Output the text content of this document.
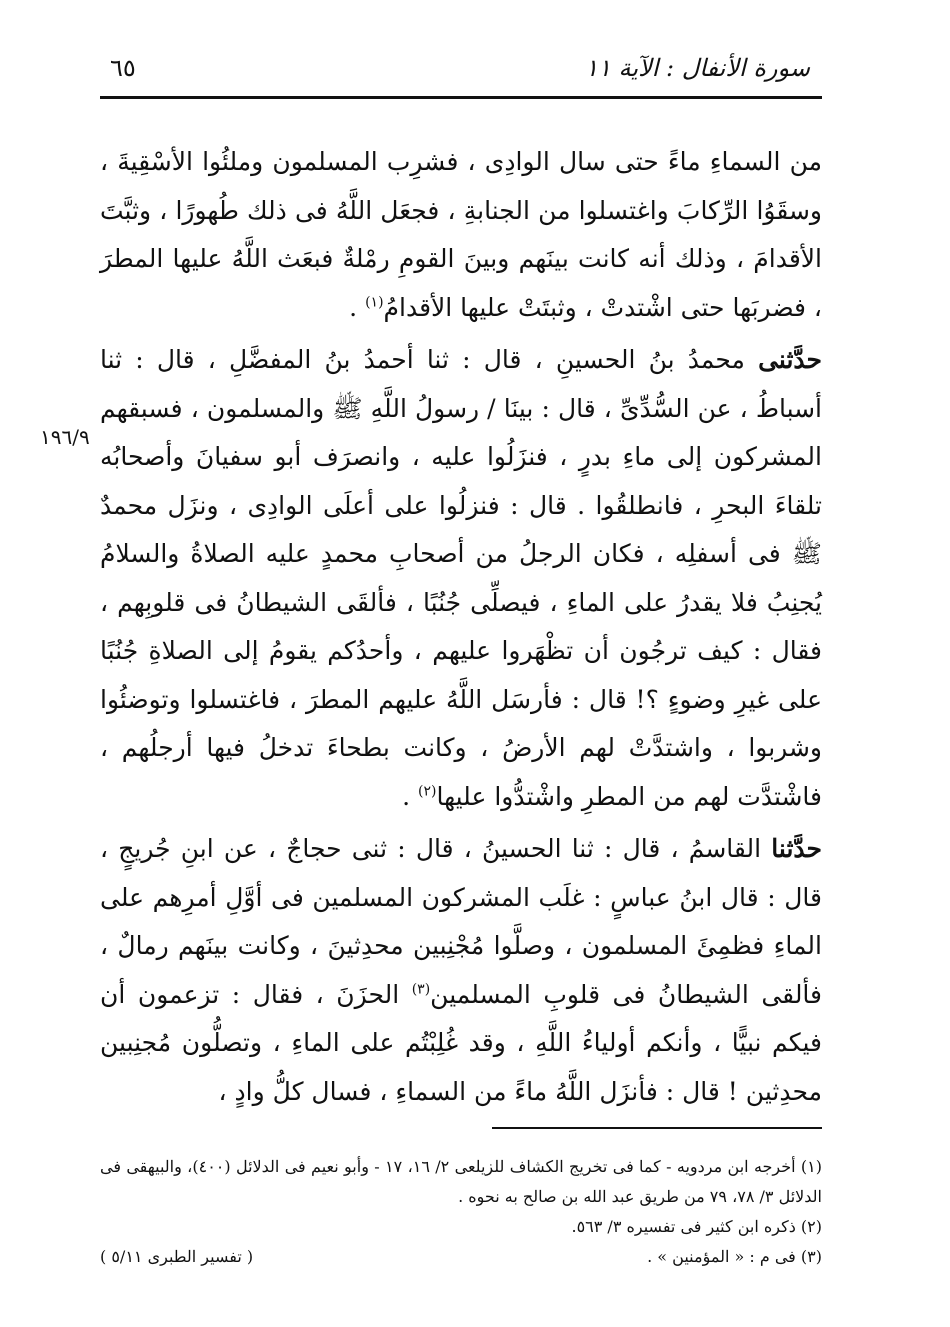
٦٥	سورة الأنفال : الآية ١١
١٩٦/٩

من السماءِ ماءً حتى سال الوادِى ، فشرِب المسلمون وملئُوا الأسْقِيةَ ، وسقَوُا الرِّكابَ واغتسلوا من الجنابةِ ، فجعَل اللَّهُ فى ذلك طُهورًا ، وثبَّتَ الأقدامَ ، وذلك أنه كانت بينَهم وبينَ القومِ رمْلةٌ فبعَث اللَّهُ عليها المطرَ ، فضربَها حتى اشْتدتْ ، وثبتَتْ عليها الأقدامُ$^{(١)}$ .

حدَّثنى محمدُ بنُ الحسينِ ، قال : ثنا أحمدُ بنُ المفضَّلِ ، قال : ثنا أسباطُ ، عن السُّدِّىِّ ، قال : بينَا / رسولُ اللَّهِ ﷺ والمسلمون ، فسبقهم المشركون إلى ماءِ بدرٍ ، فنزَلُوا عليه ، وانصرَف أبو سفيانَ وأصحابُه تلقاءَ البحرِ ، فانطلقُوا . قال : فنزلُوا على أعلَى الوادِى ، ونزَل محمدٌ ﷺ فى أسفلِه ، فكان الرجلُ من أصحابِ محمدٍ عليه الصلاةُ والسلامُ يُجنِبُ فلا يقدرُ على الماءِ ، فيصلِّى جُنُبًا ، فألقَى الشيطانُ فى قلوبِهم ، فقال : كيف ترجُون أن تظْهَروا عليهم ، وأحدُكم يقومُ إلى الصلاةِ جُنُبًا على غيرِ وضوءٍ ؟! قال : فأرسَل اللَّهُ عليهم المطرَ ، فاغتسلوا وتوضئُوا وشربوا ، واشتدَّتْ لهم الأرضُ ، وكانت بطحاءَ تدخلُ فيها أرجلُهم ، فاشْتدَّت لهم من المطرِ واشْتدُّوا عليها$^{(٢)}$ .

حدَّثنا القاسمُ ، قال : ثنا الحسينُ ، قال : ثنى حجاجٌ ، عن ابنِ جُريجٍ ، قال : قال ابنُ عباسٍ : غلَب المشركون المسلمين فى أوَّلِ أمرِهم على الماءِ فظمِئَ المسلمون ، وصلَّوا مُجْنِبين محدِثينَ ، وكانت بينَهم رمالٌ ، فألقى الشيطانُ فى قلوبِ المسلمين$^{(٣)}$ الحزَنَ ، فقال : تزعمون أن فيكم نبيًّا ، وأنكم أولياءُ اللَّهِ ، وقد غُلِبْتُم على الماءِ ، وتصلُّون مُجنِبين محدِثين ! قال : فأنزَل اللَّهُ ماءً من السماءِ ، فسال كلُّ وادٍ ،

(١) أخرجه ابن مردويه - كما فى تخريج الكشاف للزيلعى ٢/ ١٦، ١٧ - وأبو نعيم فى الدلائل (٤٠٠)، والبيهقى فى الدلائل ٣/ ٧٨، ٧٩ من طريق عبد الله بن صالح به نحوه .

(٢) ذكره ابن كثير فى تفسيره ٣/ ٥٦٣.

(٣) فى م : « المؤمنين » .
( تفسير الطبرى ٥/١١ )
